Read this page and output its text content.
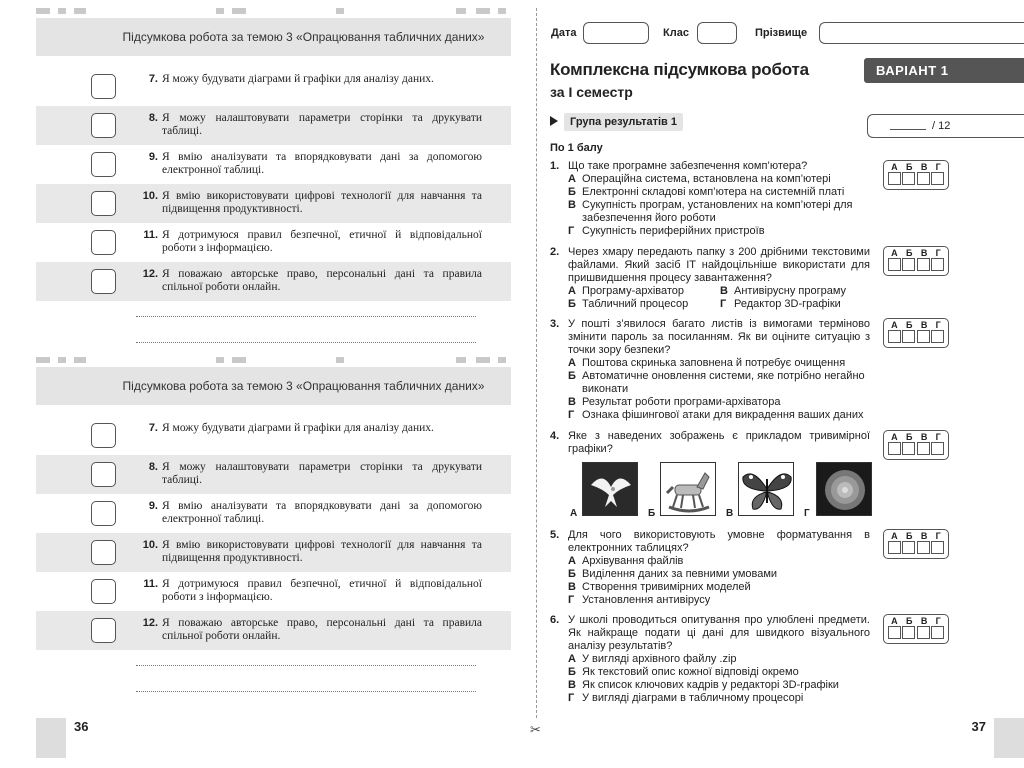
Підсумкова робота за темою 3 «Опрацювання табличних даних»
7. Я можу будувати діаграми й графіки для аналізу даних.
8. Я можу налаштовувати параметри сторінки та друкувати таблиці.
9. Я вмію аналізувати та впорядковувати дані за допомогою електронної таблиці.
10. Я вмію використовувати цифрові технології для навчання та підвищення продуктивності.
11. Я дотримуюся правил безпечної, етичної й відповідальної роботи з інформацією.
12. Я поважаю авторське право, персональні дані та правила спільної роботи онлайн.
Підсумкова робота за темою 3 «Опрацювання табличних даних»
7. Я можу будувати діаграми й графіки для аналізу даних.
8. Я можу налаштовувати параметри сторінки та друкувати таблиці.
9. Я вмію аналізувати та впорядковувати дані за допомогою електронної таблиці.
10. Я вмію використовувати цифрові технології для навчання та підвищення продуктивності.
11. Я дотримуюся правил безпечної, етичної й відповідальної роботи з інформацією.
12. Я поважаю авторське право, персональні дані та правила спільної роботи онлайн.
36	✂
Дата	Клас	Прізвище
Комплексна підсумкова робота
за І семестр
ВАРІАНТ 1
Група результатів 1	/ 12
По 1 балу
1. Що таке програмне забезпечення комп’ютера?
А Операційна система, встановлена на комп’ютері
Б Електронні складові комп’ютера на системній платі
В Сукупність програм, установлених на комп’ютері для забезпечення його роботи
Г Сукупність периферійних пристроїв
2. Через хмару передають папку з 200 дрібними текстовими файлами. Який засіб ІТ найдоцільніше використати для пришвидшення процесу завантаження?
А Програму-архіватор	В Антивірусну програму
Б Табличний процесор	Г Редактор 3D-графіки
3. У пошті з’явилося багато листів із вимогами терміново змінити пароль за посиланням. Як ви оціните ситуацію з точки зору безпеки?
А Поштова скринька заповнена й потребує очищення
Б Автоматичне оновлення системи, яке потрібно негайно виконати
В Результат роботи програми-архіватора
Г Ознака фішингової атаки для викрадення ваших даних
4. Яке з наведених зображень є прикладом тривимірної графіки?
А	Б	В	Г
5. Для чого використовують умовне форматування в електронних таблицях?
А Архівування файлів
Б Виділення даних за певними умовами
В Створення тривимірних моделей
Г Установлення антивірусу
6. У школі проводиться опитування про улюблені предмети. Як найкраще подати ці дані для швидкого візуального аналізу результатів?
А У вигляді архівного файлу .zip
Б Як текстовий опис кожної відповіді окремо
В Як список ключових кадрів у редакторі 3D-графіки
Г У вигляді діаграми в табличному процесорі
А Б В Г
А Б В Г
А Б В Г
А Б В Г
А Б В Г
А Б В Г
37
